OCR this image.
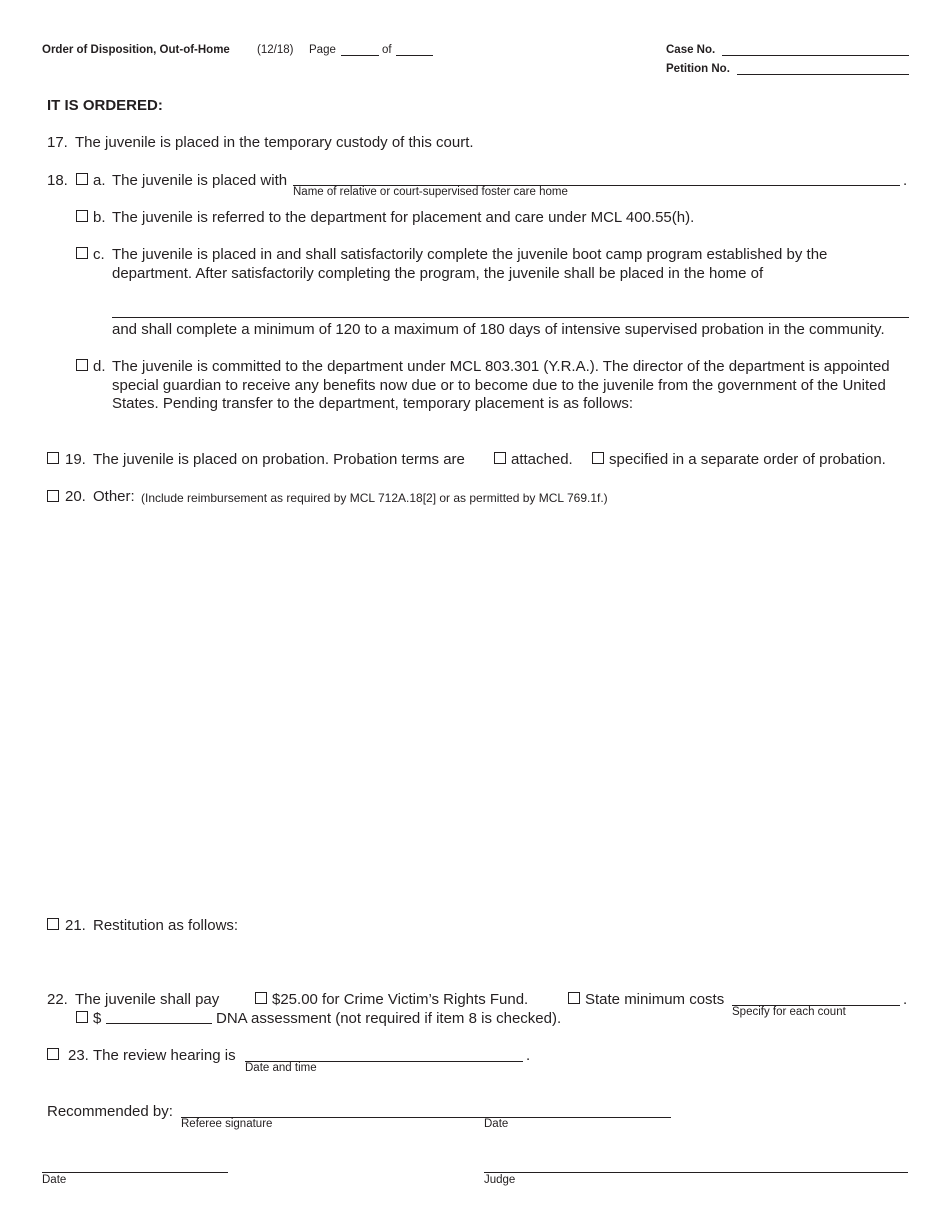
Order of Disposition, Out-of-Home (12/18) Page	of	Case No.
Petition No.
IT IS ORDERED:
17. The juvenile is placed in the temporary custody of this court.
18. a. The juvenile is placed with	.
Name of relative or court-supervised foster care home
b. The juvenile is referred to the department for placement and care under MCL 400.55(h).
c. The juvenile is placed in and shall satisfactorily complete the juvenile boot camp program established by the department. After satisfactorily completing the program, the juvenile shall be placed in the home of
and shall complete a minimum of 120 to a maximum of 180 days of intensive supervised probation in the community.
d. The juvenile is committed to the department under MCL 803.301 (Y.R.A.). The director of the department is appointed special guardian to receive any benefits now due or to become due to the juvenile from the government of the United States. Pending transfer to the department, temporary placement is as follows:
19. The juvenile is placed on probation. Probation terms are	attached. specified in a separate order of probation.
20. Other: (Include reimbursement as required by MCL 712A.18[2] or as permitted by MCL 769.1f.)
21. Restitution as follows:
22. The juvenile shall pay	$25.00 for Crime Victim’s Rights Fund.	State minimum costs	.
Specify for each count
$	DNA assessment (not required if item 8 is checked).
23. The review hearing is	.
Date and time
Recommended by:
Referee signature	Date
Date	Judge
